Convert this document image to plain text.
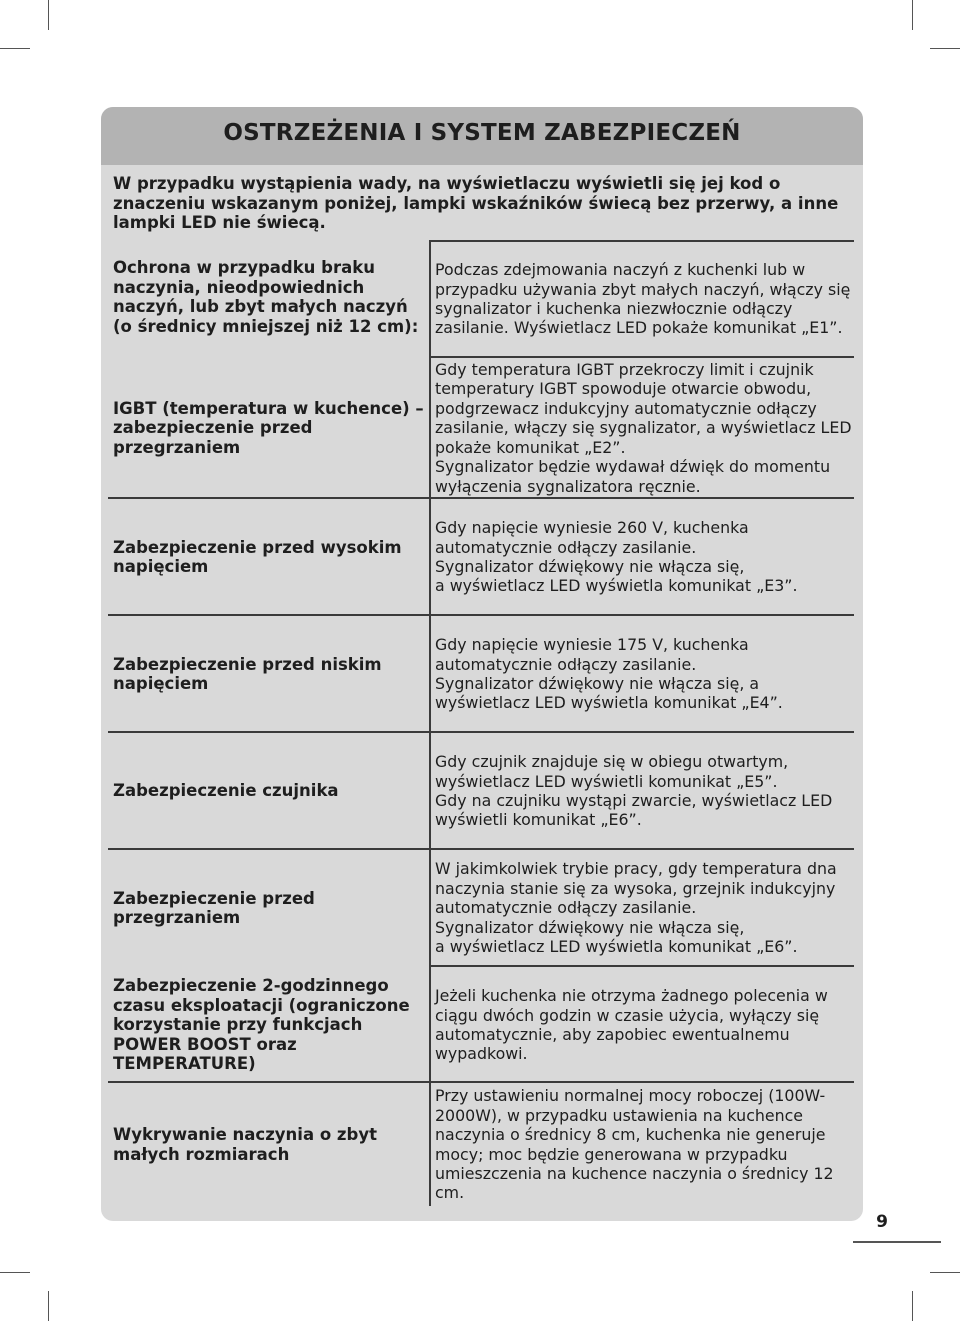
OSTRZEŻENIA I SYSTEM ZABEZPIECZEŃ
W przypadku wystąpienia wady, na wyświetlaczu wyświetli się jej kod o znaczeniu wskazanym poniżej, lampki wskaźników świecą bez przerwy, a inne lampki LED nie świecą.
Ochrona w przypadku braku naczynia, nieodpowiednich naczyń, lub zbyt małych naczyń (o średnicy mniejszej niż 12 cm):
Podczas zdejmowania naczyń z kuchenki lub w przypadku używania zbyt małych naczyń, włączy się sygnalizator i kuchenka niezwłocznie odłączy zasilanie. Wyświetlacz LED pokaże komunikat „E1”.
IGBT (temperatura w kuchence) – zabezpieczenie przed przegrzaniem
Gdy temperatura IGBT przekroczy limit i czujnik temperatury IGBT spowoduje otwarcie obwodu, podgrzewacz indukcyjny automatycznie odłączy zasilanie, włączy się sygnalizator, a wyświetlacz LED pokaże komunikat „E2”.
Sygnalizator będzie wydawał dźwięk do momentu wyłączenia sygnalizatora ręcznie.
Zabezpieczenie przed wysokim napięciem
Gdy napięcie wyniesie 260 V, kuchenka automatycznie odłączy zasilanie.
Sygnalizator dźwiękowy nie włącza się,
a wyświetlacz LED wyświetla komunikat „E3”.
Zabezpieczenie przed niskim napięciem
Gdy napięcie wyniesie 175 V, kuchenka automatycznie odłączy zasilanie.
Sygnalizator dźwiękowy nie włącza się, a wyświetlacz LED wyświetla komunikat „E4”.
Zabezpieczenie czujnika
Gdy czujnik znajduje się w obiegu otwartym, wyświetlacz LED wyświetli komunikat „E5”.
Gdy na czujniku wystąpi zwarcie, wyświetlacz LED wyświetli komunikat „E6”.
Zabezpieczenie przed przegrzaniem
W jakimkolwiek trybie pracy, gdy temperatura dna naczynia stanie się za wysoka, grzejnik indukcyjny automatycznie odłączy zasilanie.
Sygnalizator dźwiękowy nie włącza się,
a wyświetlacz LED wyświetla komunikat „E6”.
Zabezpieczenie 2-godzinnego czasu eksploatacji (ograniczone korzystanie przy funkcjach POWER BOOST oraz TEMPERATURE)
Jeżeli kuchenka nie otrzyma żadnego polecenia w ciągu dwóch godzin w czasie użycia, wyłączy się automatycznie, aby zapobiec ewentualnemu wypadkowi.
Wykrywanie naczynia o zbyt małych rozmiarach
Przy ustawieniu normalnej mocy roboczej (100W-2000W), w przypadku ustawienia na kuchence naczynia o średnicy 8 cm, kuchenka nie generuje mocy; moc będzie generowana w przypadku umieszczenia na kuchence naczynia o średnicy 12 cm.
9
